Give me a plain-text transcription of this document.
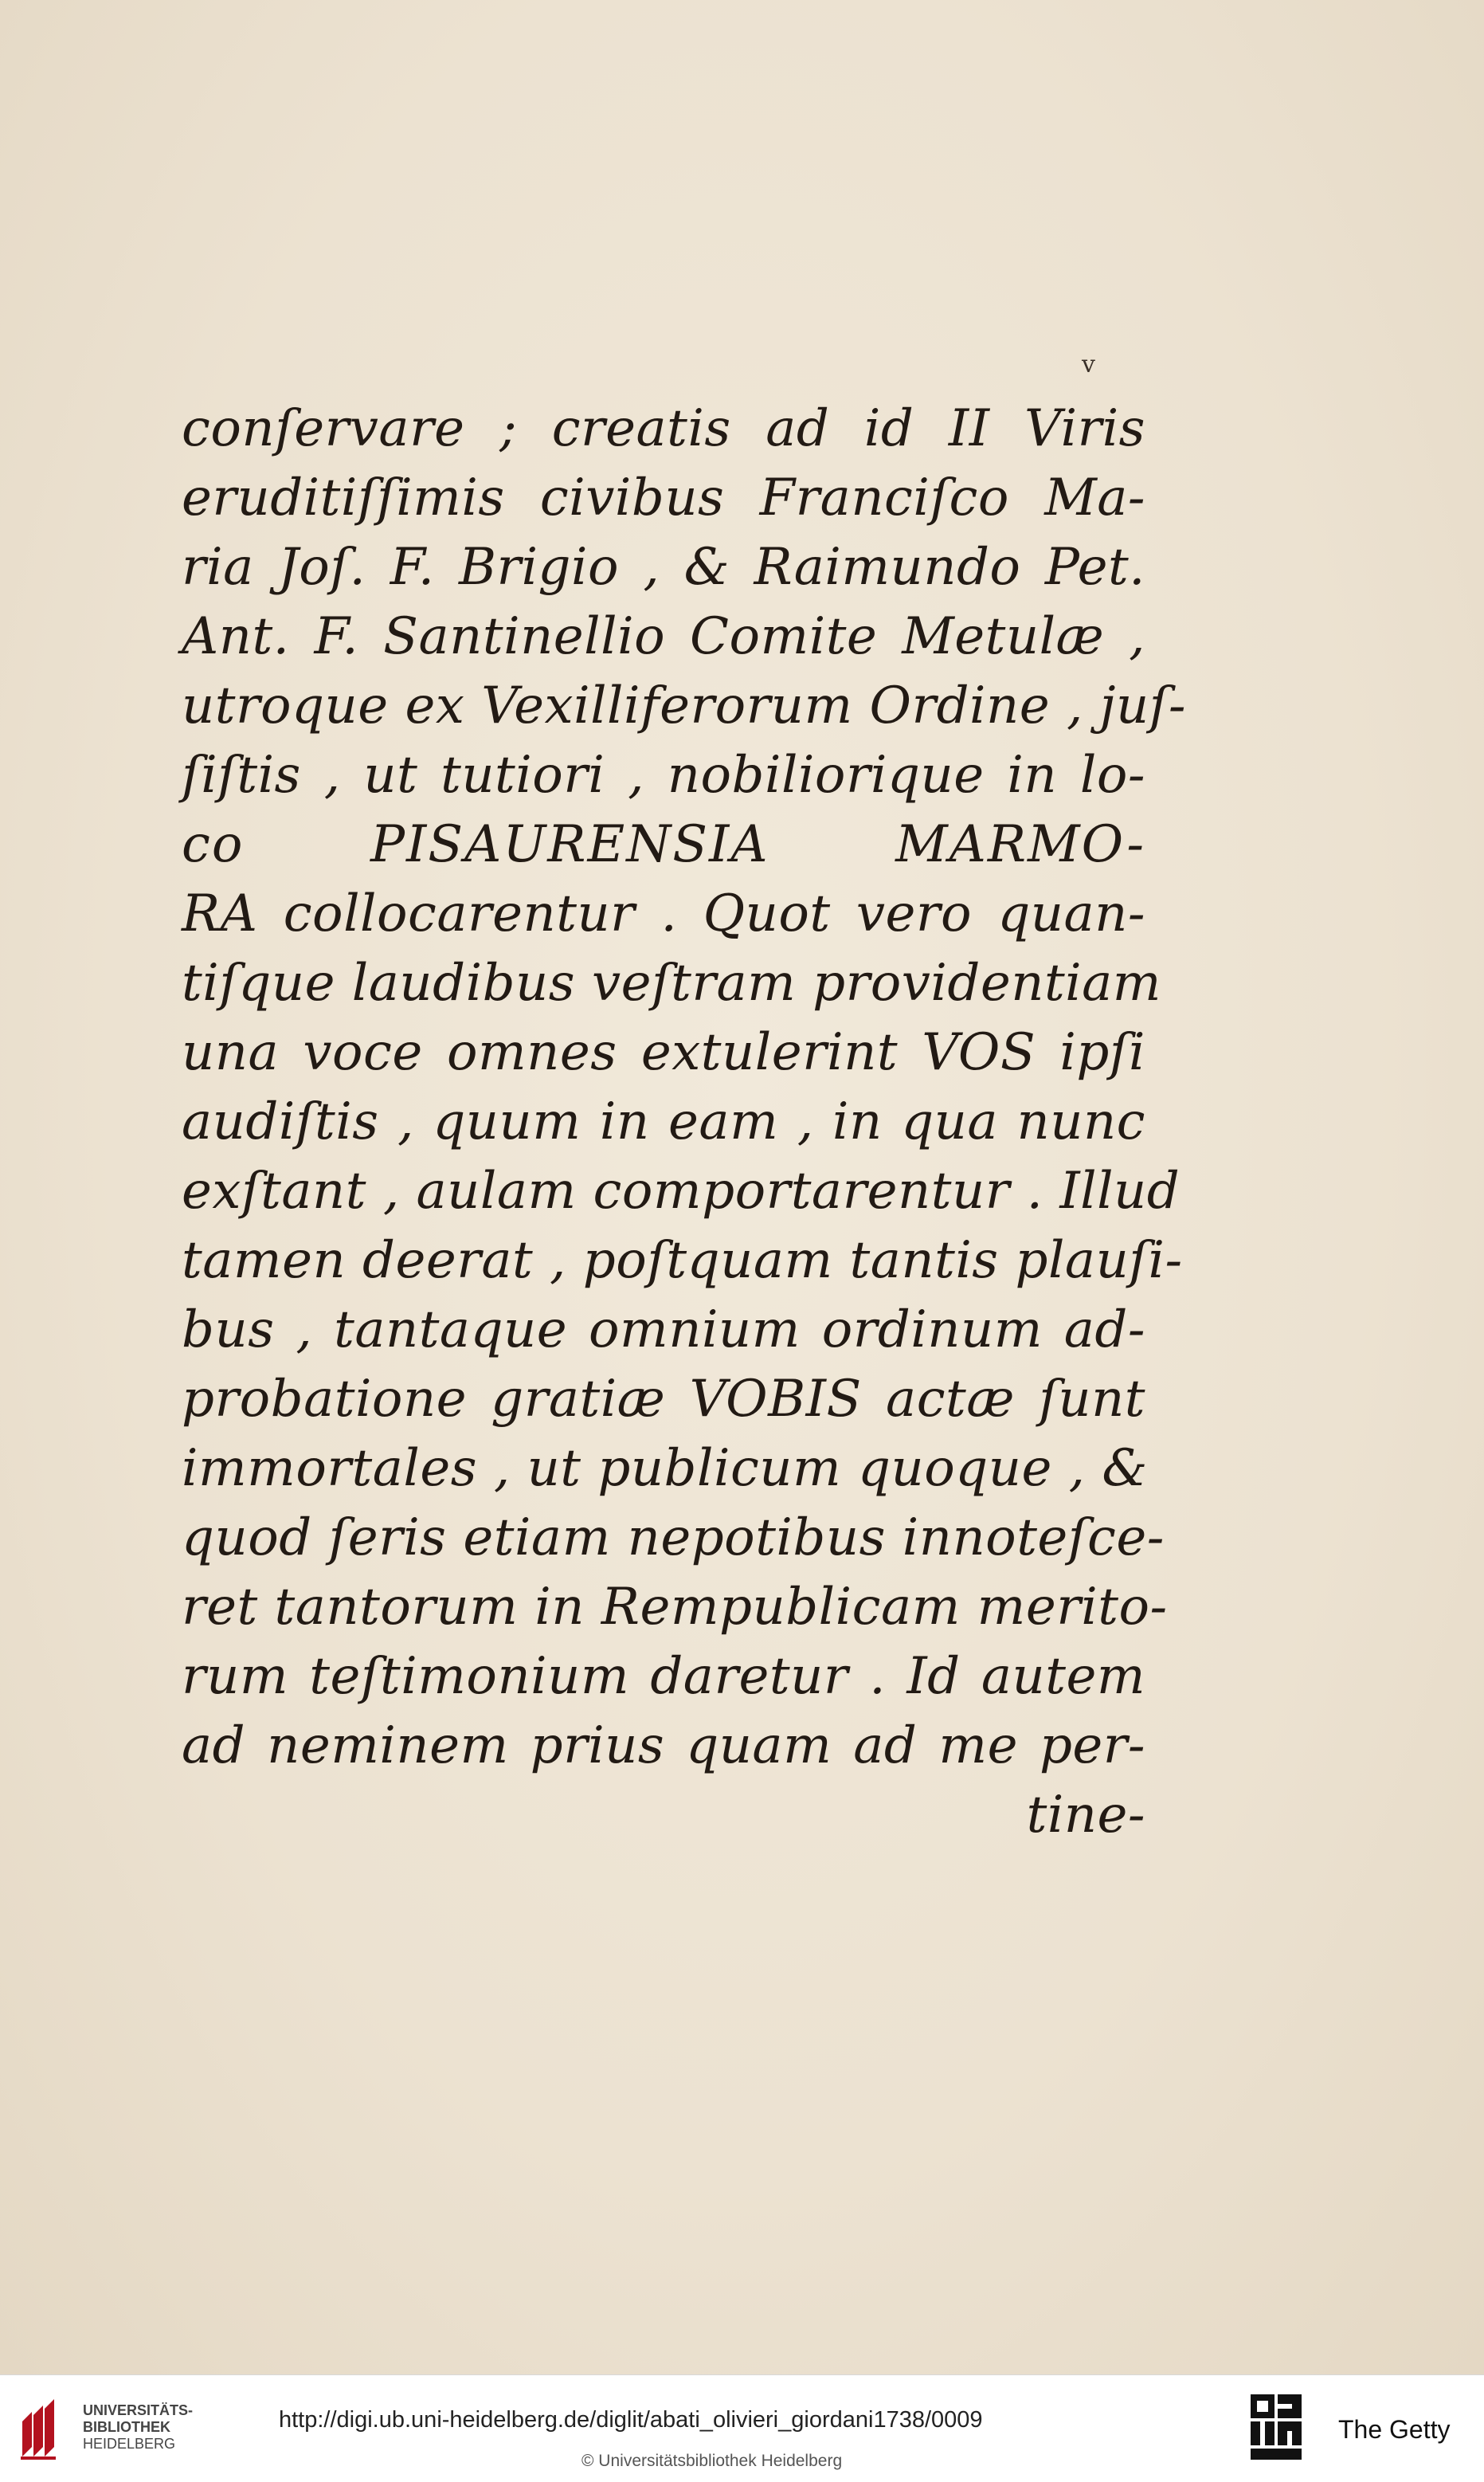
v
conſervare ; creatis ad id II Viris
eruditiſſimis civibus Franciſco Ma-
ria Joſ. F. Brigio , & Raimundo Pet.
Ant. F. Santinellio Comite Metulæ ,
utroque ex Vexilliferorum Ordine , juſ-
ſiſtis , ut tutiori , nobiliorique in lo-
co PISAURENSIA MARMO-
RA collocarentur . Quot vero quan-
tiſque laudibus veſtram providentiam
una voce omnes extulerint VOS ipſi
audiſtis , quum in eam , in qua nunc
exſtant , aulam comportarentur . Illud
tamen deerat , poſtquam tantis plauſi-
bus , tantaque omnium ordinum ad-
probatione gratiæ VOBIS actæ ſunt
immortales , ut publicum quoque , &
quod ſeris etiam nepotibus innoteſce-
ret tantorum in Rempublicam merito-
rum teſtimonium daretur . Id autem
ad neminem prius quam ad me per-
tine-
UNIVERSITÄTS-
BIBLIOTHEK
HEIDELBERG
http://digi.ub.uni-heidelberg.de/diglit/abati_olivieri_giordani1738/0009
© Universitätsbibliothek Heidelberg
The Getty
